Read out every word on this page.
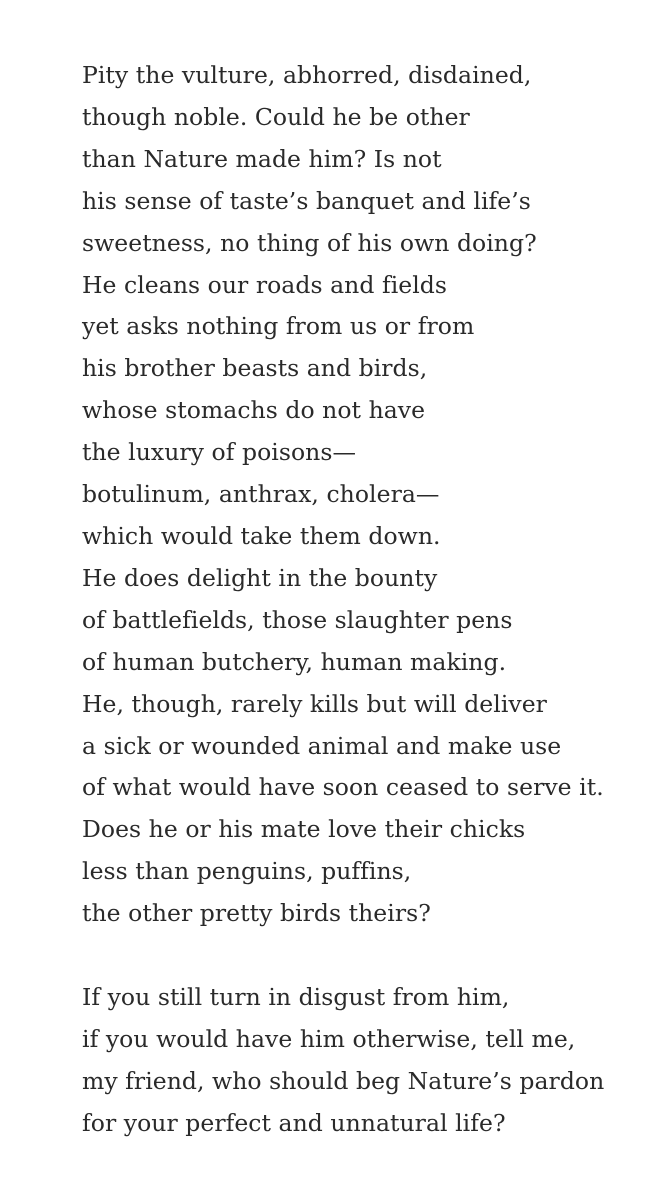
Pity the vulture, abhorred, disdained,
though noble. Could he be other
than Nature made him? Is not
his sense of taste’s banquet and life’s
sweetness, no thing of his own doing?
He cleans our roads and fields
yet asks nothing from us or from
his brother beasts and birds,
whose stomachs do not have
the luxury of poisons—
botulinum, anthrax, cholera—
which would take them down.
He does delight in the bounty
of battlefields, those slaughter pens
of human butchery, human making.
He, though, rarely kills but will deliver
a sick or wounded animal and make use
of what would have soon ceased to serve it.
Does he or his mate love their chicks
less than penguins, puffins,
the other pretty birds theirs?
If you still turn in disgust from him,
if you would have him otherwise, tell me,
my friend, who should beg Nature’s pardon
for your perfect and unnatural life?
